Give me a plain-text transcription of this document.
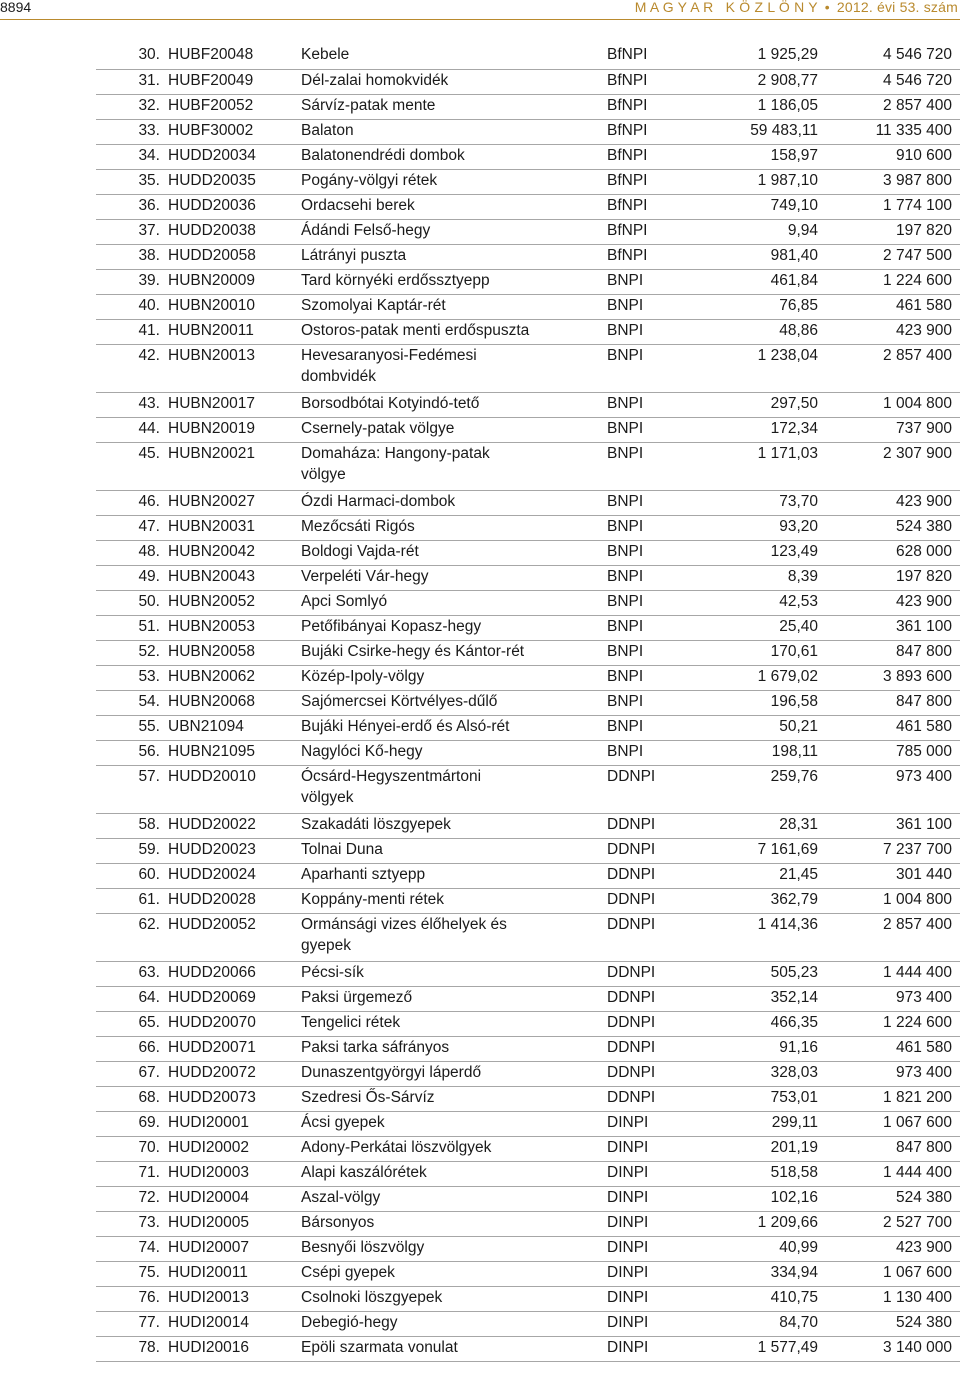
8894	M A G Y A R   K Ö Z L Ö N Y • 2012. évi 53. szám
30.	HUBF20048	Kebele	BfNPI	1 925,29	4 546 720
31.	HUBF20049	Dél-zalai homokvidék	BfNPI	2 908,77	4 546 720
32.	HUBF20052	Sárvíz-patak mente	BfNPI	1 186,05	2 857 400
33.	HUBF30002	Balaton	BfNPI	59 483,11	11 335 400
34.	HUDD20034	Balatonendrédi dombok	BfNPI	158,97	910 600
35.	HUDD20035	Pogány-völgyi rétek	BfNPI	1 987,10	3 987 800
36.	HUDD20036	Ordacsehi berek	BfNPI	749,10	1 774 100
37.	HUDD20038	Ádándi Felső-hegy	BfNPI	9,94	197 820
38.	HUDD20058	Látrányi puszta	BfNPI	981,40	2 747 500
39.	HUBN20009	Tard környéki erdőssztyepp	BNPI	461,84	1 224 600
40.	HUBN20010	Szomolyai Kaptár-rét	BNPI	76,85	461 580
41.	HUBN20011	Ostoros-patak menti erdőspuszta	BNPI	48,86	423 900
42.	HUBN20013	Hevesaranyosi-Fedémesi
dombvidék	BNPI	1 238,04	2 857 400
43.	HUBN20017	Borsodbótai Kotyindó-tető	BNPI	297,50	1 004 800
44.	HUBN20019	Csernely-patak völgye	BNPI	172,34	737 900
45.	HUBN20021	Domaháza: Hangony-patak
völgye	BNPI	1 171,03	2 307 900
46.	HUBN20027	Ózdi Harmaci-dombok	BNPI	73,70	423 900
47.	HUBN20031	Mezőcsáti Rigós	BNPI	93,20	524 380
48.	HUBN20042	Boldogi Vajda-rét	BNPI	123,49	628 000
49.	HUBN20043	Verpeléti Vár-hegy	BNPI	8,39	197 820
50.	HUBN20052	Apci Somlyó	BNPI	42,53	423 900
51.	HUBN20053	Petőfibányai Kopasz-hegy	BNPI	25,40	361 100
52.	HUBN20058	Bujáki Csirke-hegy és Kántor-rét	BNPI	170,61	847 800
53.	HUBN20062	Közép-Ipoly-völgy	BNPI	1 679,02	3 893 600
54.	HUBN20068	Sajómercsei Körtvélyes-dűlő	BNPI	196,58	847 800
55.	UBN21094	Bujáki Hényei-erdő és Alsó-rét	BNPI	50,21	461 580
56.	HUBN21095	Nagylóci Kő-hegy	BNPI	198,11	785 000
57.	HUDD20010	Ócsárd-Hegyszentmártoni
völgyek	DDNPI	259,76	973 400
58.	HUDD20022	Szakadáti löszgyepek	DDNPI	28,31	361 100
59.	HUDD20023	Tolnai Duna	DDNPI	7 161,69	7 237 700
60.	HUDD20024	Aparhanti sztyepp	DDNPI	21,45	301 440
61.	HUDD20028	Koppány-menti rétek	DDNPI	362,79	1 004 800
62.	HUDD20052	Ormánsági vizes élőhelyek és
gyepek	DDNPI	1 414,36	2 857 400
63.	HUDD20066	Pécsi-sík	DDNPI	505,23	1 444 400
64.	HUDD20069	Paksi ürgemező	DDNPI	352,14	973 400
65.	HUDD20070	Tengelici rétek	DDNPI	466,35	1 224 600
66.	HUDD20071	Paksi tarka sáfrányos	DDNPI	91,16	461 580
67.	HUDD20072	Dunaszentgyörgyi láperdő	DDNPI	328,03	973 400
68.	HUDD20073	Szedresi Ős-Sárvíz	DDNPI	753,01	1 821 200
69.	HUDI20001	Ácsi gyepek	DINPI	299,11	1 067 600
70.	HUDI20002	Adony-Perkátai löszvölgyek	DINPI	201,19	847 800
71.	HUDI20003	Alapi kaszálórétek	DINPI	518,58	1 444 400
72.	HUDI20004	Aszal-völgy	DINPI	102,16	524 380
73.	HUDI20005	Bársonyos	DINPI	1 209,66	2 527 700
74.	HUDI20007	Besnyői löszvölgy	DINPI	40,99	423 900
75.	HUDI20011	Csépi gyepek	DINPI	334,94	1 067 600
76.	HUDI20013	Csolnoki löszgyepek	DINPI	410,75	1 130 400
77.	HUDI20014	Debegió-hegy	DINPI	84,70	524 380
78.	HUDI20016	Epöli szarmata vonulat	DINPI	1 577,49	3 140 000
